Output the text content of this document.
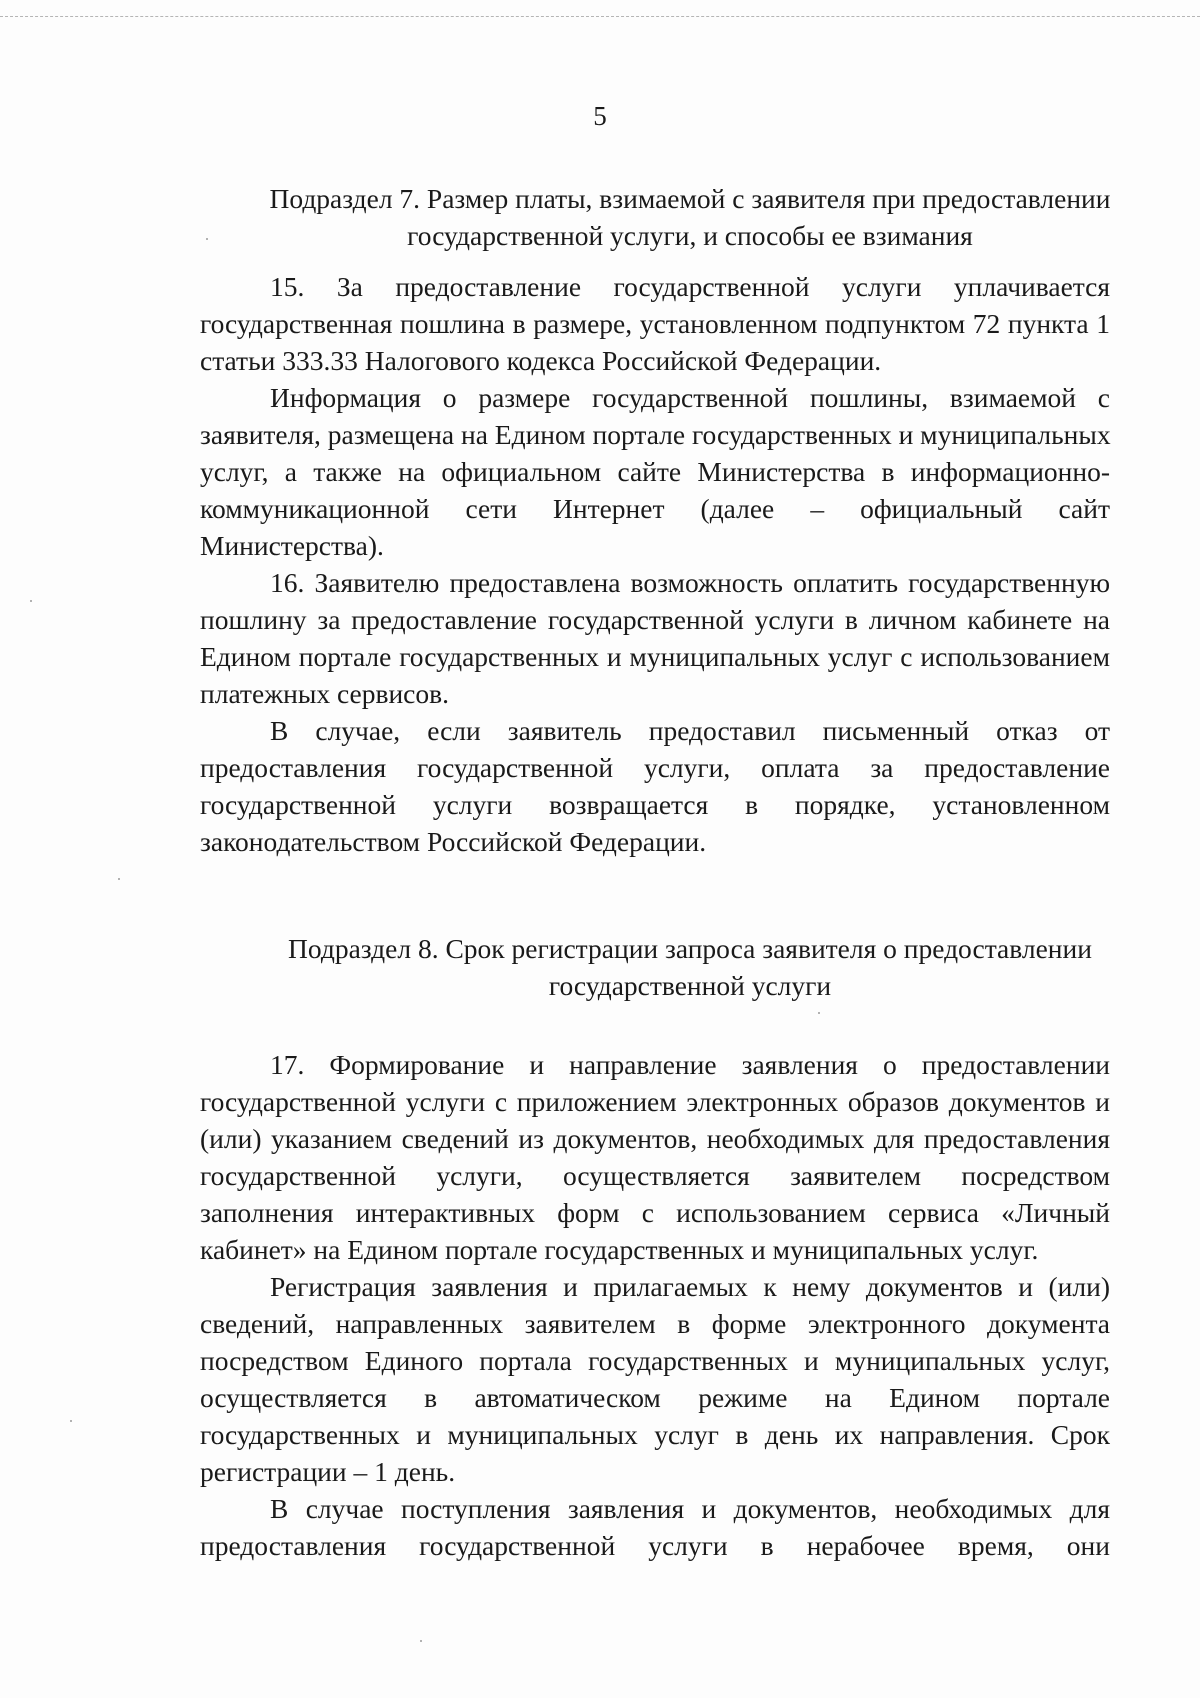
5
Подраздел 7. Размер платы, взимаемой с заявителя при предоставлении
государственной услуги, и способы ее взимания
15. За предоставление государственной услуги уплачивается
государственная пошлина в размере, установленном подпунктом 72 пункта 1
статьи 333.33 Налогового кодекса Российской Федерации.
Информация о размере государственной пошлины, взимаемой с
заявителя, размещена на Едином портале государственных и муниципальных
услуг, а также на официальном сайте Министерства в информационно-
коммуникационной сети Интернет (далее – официальный сайт
Министерства).
16. Заявителю предоставлена возможность оплатить государственную
пошлину за предоставление государственной услуги в личном кабинете на
Едином портале государственных и муниципальных услуг с использованием
платежных сервисов.
В случае, если заявитель предоставил письменный отказ от
предоставления государственной услуги, оплата за предоставление
государственной услуги возвращается в порядке, установленном
законодательством Российской Федерации.
Подраздел 8. Срок регистрации запроса заявителя о предоставлении
государственной услуги
17. Формирование и направление заявления о предоставлении
государственной услуги с приложением электронных образов документов и
(или) указанием сведений из документов, необходимых для предоставления
государственной услуги, осуществляется заявителем посредством
заполнения интерактивных форм с использованием сервиса «Личный
кабинет» на Едином портале государственных и муниципальных услуг.
Регистрация заявления и прилагаемых к нему документов и (или)
сведений, направленных заявителем в форме электронного документа
посредством Единого портала государственных и муниципальных услуг,
осуществляется в автоматическом режиме на Едином портале
государственных и муниципальных услуг в день их направления. Срок
регистрации – 1 день.
В случае поступления заявления и документов, необходимых для
предоставления государственной услуги в нерабочее время, они
